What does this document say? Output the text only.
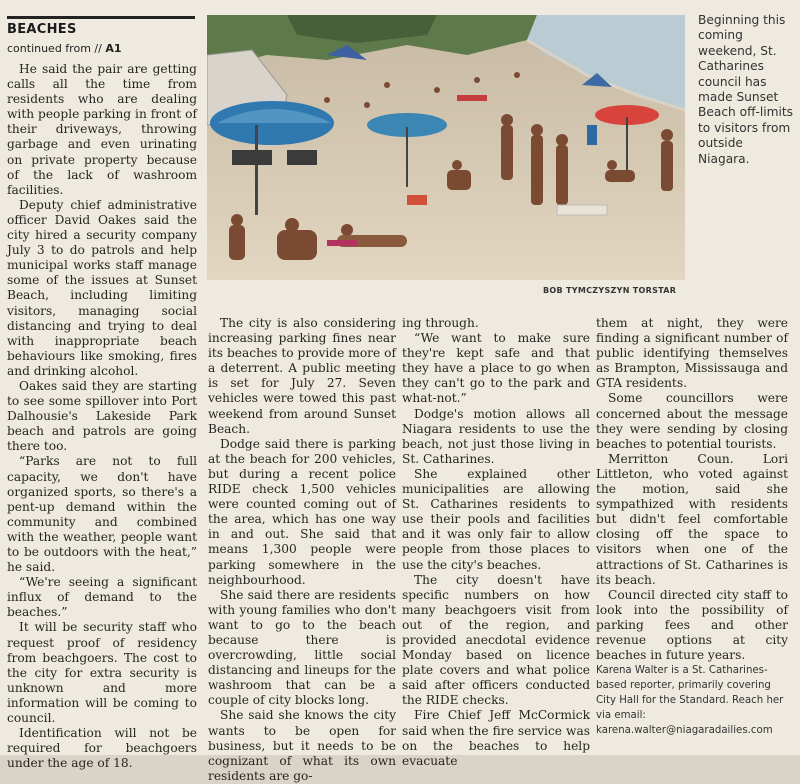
BEACHES
continued from // A1
BOB TYMCZYSZYN TORSTAR
Beginning this coming weekend, St. Catharines council has made Sunset Beach off-limits to visitors from outside Niagara.

He said the pair are getting calls all the time from residents who are dealing with people parking in front of their driveways, throwing garbage and even urinating on private property because of the lack of washroom facilities.

Deputy chief administrative officer David Oakes said the city hired a security company July 3 to do patrols and help municipal works staff manage some of the issues at Sunset Beach, including limiting visitors, managing social distancing and trying to deal with inappropriate beach behaviours like smoking, fires and drinking alcohol.

Oakes said they are starting to see some spillover into Port Dalhousie's Lakeside Park beach and patrols are going there too.

“Parks are not to full capacity, we don't have organized sports, so there's a pent-up demand within the community and combined with the weather, people want to be outdoors with the heat,” he said.

“We're seeing a significant influx of demand to the beaches.”

It will be security staff who request proof of residency from beachgoers. The cost to the city for extra security is unknown and more information will be coming to council.

Identification will not be required for beachgoers under the age of 18.

The city is also considering increasing parking fines near its beaches to provide more of a deterrent. A public meeting is set for July 27. Seven vehicles were towed this past weekend from around Sunset Beach.

Dodge said there is parking at the beach for 200 vehicles, but during a recent police RIDE check 1,500 vehicles were counted coming out of the area, which has one way in and out. She said that means 1,300 people were parking somewhere in the neighbourhood.

She said there are residents with young families who don't want to go to the beach because there is overcrowding, little social distancing and lineups for the washroom that can be a couple of city blocks long.

She said she knows the city wants to be open for business, but it needs to be cognizant of what its own residents are go-

ing through.

“We want to make sure they're kept safe and that they have a place to go when they can't go to the park and what-not.”

Dodge's motion allows all Niagara residents to use the beach, not just those living in St. Catharines.

She explained other municipalities are allowing St. Catharines residents to use their pools and facilities and it was only fair to allow people from those places to use the city's beaches.

The city doesn't have specific numbers on how many beachgoers visit from out of the region, and provided anecdotal evidence Monday based on licence plate covers and what police said after officers conducted the RIDE checks.

Fire Chief Jeff McCormick said when the fire service was on the beaches to help evacuate

them at night, they were finding a significant number of public identifying themselves as Brampton, Mississauga and GTA residents.

Some councillors were concerned about the message they were sending by closing beaches to potential tourists.

Merritton Coun. Lori Littleton, who voted against the motion, said she sympathized with residents but didn't feel comfortable closing off the space to visitors when one of the attractions of St. Catharines is its beach.

Council directed city staff to look into the possibility of parking fees and other revenue options at city beaches in future years.

Karena Walter is a St. Catharines-based reporter, primarily covering City Hall for the Standard. Reach her via email: karena.walter@niagaradailies.com
